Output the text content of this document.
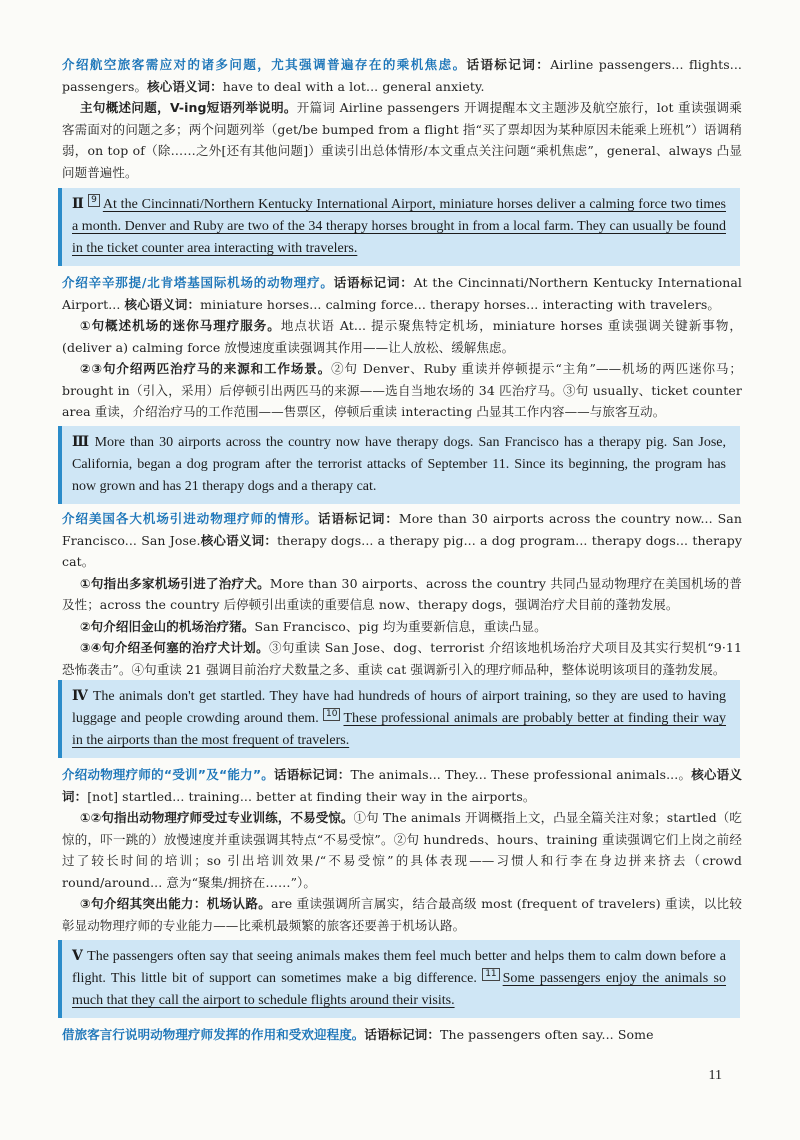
介绍航空旅客需应对的诸多问题，尤其强调普遍存在的乘机焦虑。话语标记词：Airline passengers... flights... passengers。核心语义词：have to deal with a lot... general anxiety.

主句概述问题，V-ing短语列举说明。开篇词 Airline passengers 开调提醒本文主题涉及航空旅行，lot 重读强调乘客需面对的问题之多；两个问题列举（get/be bumped from a flight 指“买了票却因为某种原因未能乘上班机”）语调稍弱，on top of（除……之外[还有其他问题]）重读引出总体情形/本文重点关注问题“乘机焦虑”，general、always 凸显问题普遍性。

Ⅱ 9 At the Cincinnati/Northern Kentucky International Airport, miniature horses deliver a calming force two times a month. Denver and Ruby are two of the 34 therapy horses brought in from a local farm. They can usually be found in the ticket counter area interacting with travelers.

介绍辛辛那提/北肯塔基国际机场的动物理疗。话语标记词：At the Cincinnati/Northern Kentucky International Airport... 核心语义词：miniature horses... calming force... therapy horses... interacting with travelers。

①句概述机场的迷你马理疗服务。地点状语 At... 提示聚焦特定机场，miniature horses 重读强调关键新事物，(deliver a) calming force 放慢速度重读强调其作用——让人放松、缓解焦虑。

②③句介绍两匹治疗马的来源和工作场景。②句 Denver、Ruby 重读并停顿提示“主角”——机场的两匹迷你马；brought in（引入，采用）后停顿引出两匹马的来源——选自当地农场的 34 匹治疗马。③句 usually、ticket counter area 重读，介绍治疗马的工作范围——售票区，停顿后重读 interacting 凸显其工作内容——与旅客互动。

Ⅲ More than 30 airports across the country now have therapy dogs. San Francisco has a therapy pig. San Jose, California, began a dog program after the terrorist attacks of September 11. Since its beginning, the program has now grown and has 21 therapy dogs and a therapy cat.

介绍美国各大机场引进动物理疗师的情形。话语标记词：More than 30 airports across the country now... San Francisco... San Jose.核心语义词：therapy dogs... a therapy pig... a dog program... therapy dogs... therapy cat。

①句指出多家机场引进了治疗犬。More than 30 airports、across the country 共同凸显动物理疗在美国机场的普及性；across the country 后停顿引出重读的重要信息 now、therapy dogs，强调治疗犬目前的蓬勃发展。

②句介绍旧金山的机场治疗猪。San Francisco、pig 均为重要新信息，重读凸显。

③④句介绍圣何塞的治疗犬计划。③句重读 San Jose、dog、terrorist 介绍该地机场治疗犬项目及其实行契机“9·11 恐怖袭击”。④句重读 21 强调目前治疗犬数量之多、重读 cat 强调新引入的理疗师品种，整体说明该项目的蓬勃发展。

Ⅳ The animals don't get startled. They have had hundreds of hours of airport training, so they are used to having luggage and people crowding around them. 10 These professional animals are probably better at finding their way in the airports than the most frequent of travelers.

介绍动物理疗师的“受训”及“能力”。话语标记词：The animals... They... These professional animals...。核心语义词：[not] startled... training... better at finding their way in the airports。

①②句指出动物理疗师受过专业训练，不易受惊。①句 The animals 开调概指上文，凸显全篇关注对象；startled（吃惊的，吓一跳的）放慢速度并重读强调其特点“不易受惊”。②句 hundreds、hours、training 重读强调它们上岗之前经过了较长时间的培训；so 引出培训效果/“不易受惊”的具体表现——习惯人和行李在身边拼来挤去（crowd round/around... 意为“聚集/拥挤在……”）。

③句介绍其突出能力：机场认路。are 重读强调所言属实，结合最高级 most (frequent of travelers) 重读，以比较彰显动物理疗师的专业能力——比乘机最频繁的旅客还要善于机场认路。

Ⅴ The passengers often say that seeing animals makes them feel much better and helps them to calm down before a flight. This little bit of support can sometimes make a big difference. 11 Some passengers enjoy the animals so much that they call the airport to schedule flights around their visits.

借旅客言行说明动物理疗师发挥的作用和受欢迎程度。话语标记词：The passengers often say... Some

11
